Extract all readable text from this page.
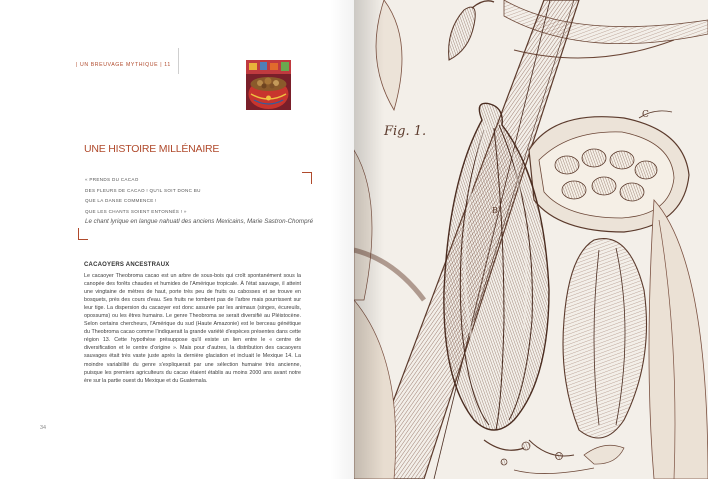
| UN BREUVAGE MYTHIQUE | 11
UNE HISTOIRE MILLÉNAIRE
« PRENDS DU CACAO
DES FLEURS DE CACAO ! QU'IL SOIT DONC BU
QUE LA DANSE COMMENCE !
QUE LES CHANTS SOIENT ENTONNÉS ! »
Le chant lyrique en langue nahuatl des anciens Mexicains, Marie Sastron-Chompré
CACAOYERS ANCESTRAUX
Le cacaoyer Theobroma cacao est un arbre de sous-bois qui croît spontanément sous la canopée des forêts chaudes et humides de l'Amérique tropicale. À l'état sauvage, il atteint une vingtaine de mètres de haut, porte très peu de fruits ou cabosses et se trouve en bosquets, près des cours d'eau. Ses fruits ne tombent pas de l'arbre mais pourrissent sur leur tige. La dispersion du cacaoyer est donc assurée par les animaux (singes, écureuils, opossums) ou les êtres humains. Le genre Theobroma se serait diversifié au Pléistocène. Selon certains chercheurs, l'Amérique du sud (Haute Amazonie) est le berceau génétique du Theobroma cacao comme l'indiquerait la grande variété d'espèces présentes dans cette région 13. Cette hypothèse présuppose qu'il existe un lien entre le « centre de diversification et le centre d'origine ». Mais pour d'autres, la distribution des cacaoyers sauvages était très vaste juste après la dernière glaciation et incluait le Mexique 14. La moindre variabilité du genre s'expliquerait par une sélection humaine très ancienne, puisque les premiers agriculteurs du cacao étaient établis au moins 2000 ans avant notre ère sur la partie ouest du Mexique et du Guatemala.
34
Fig. 1.
C
B
